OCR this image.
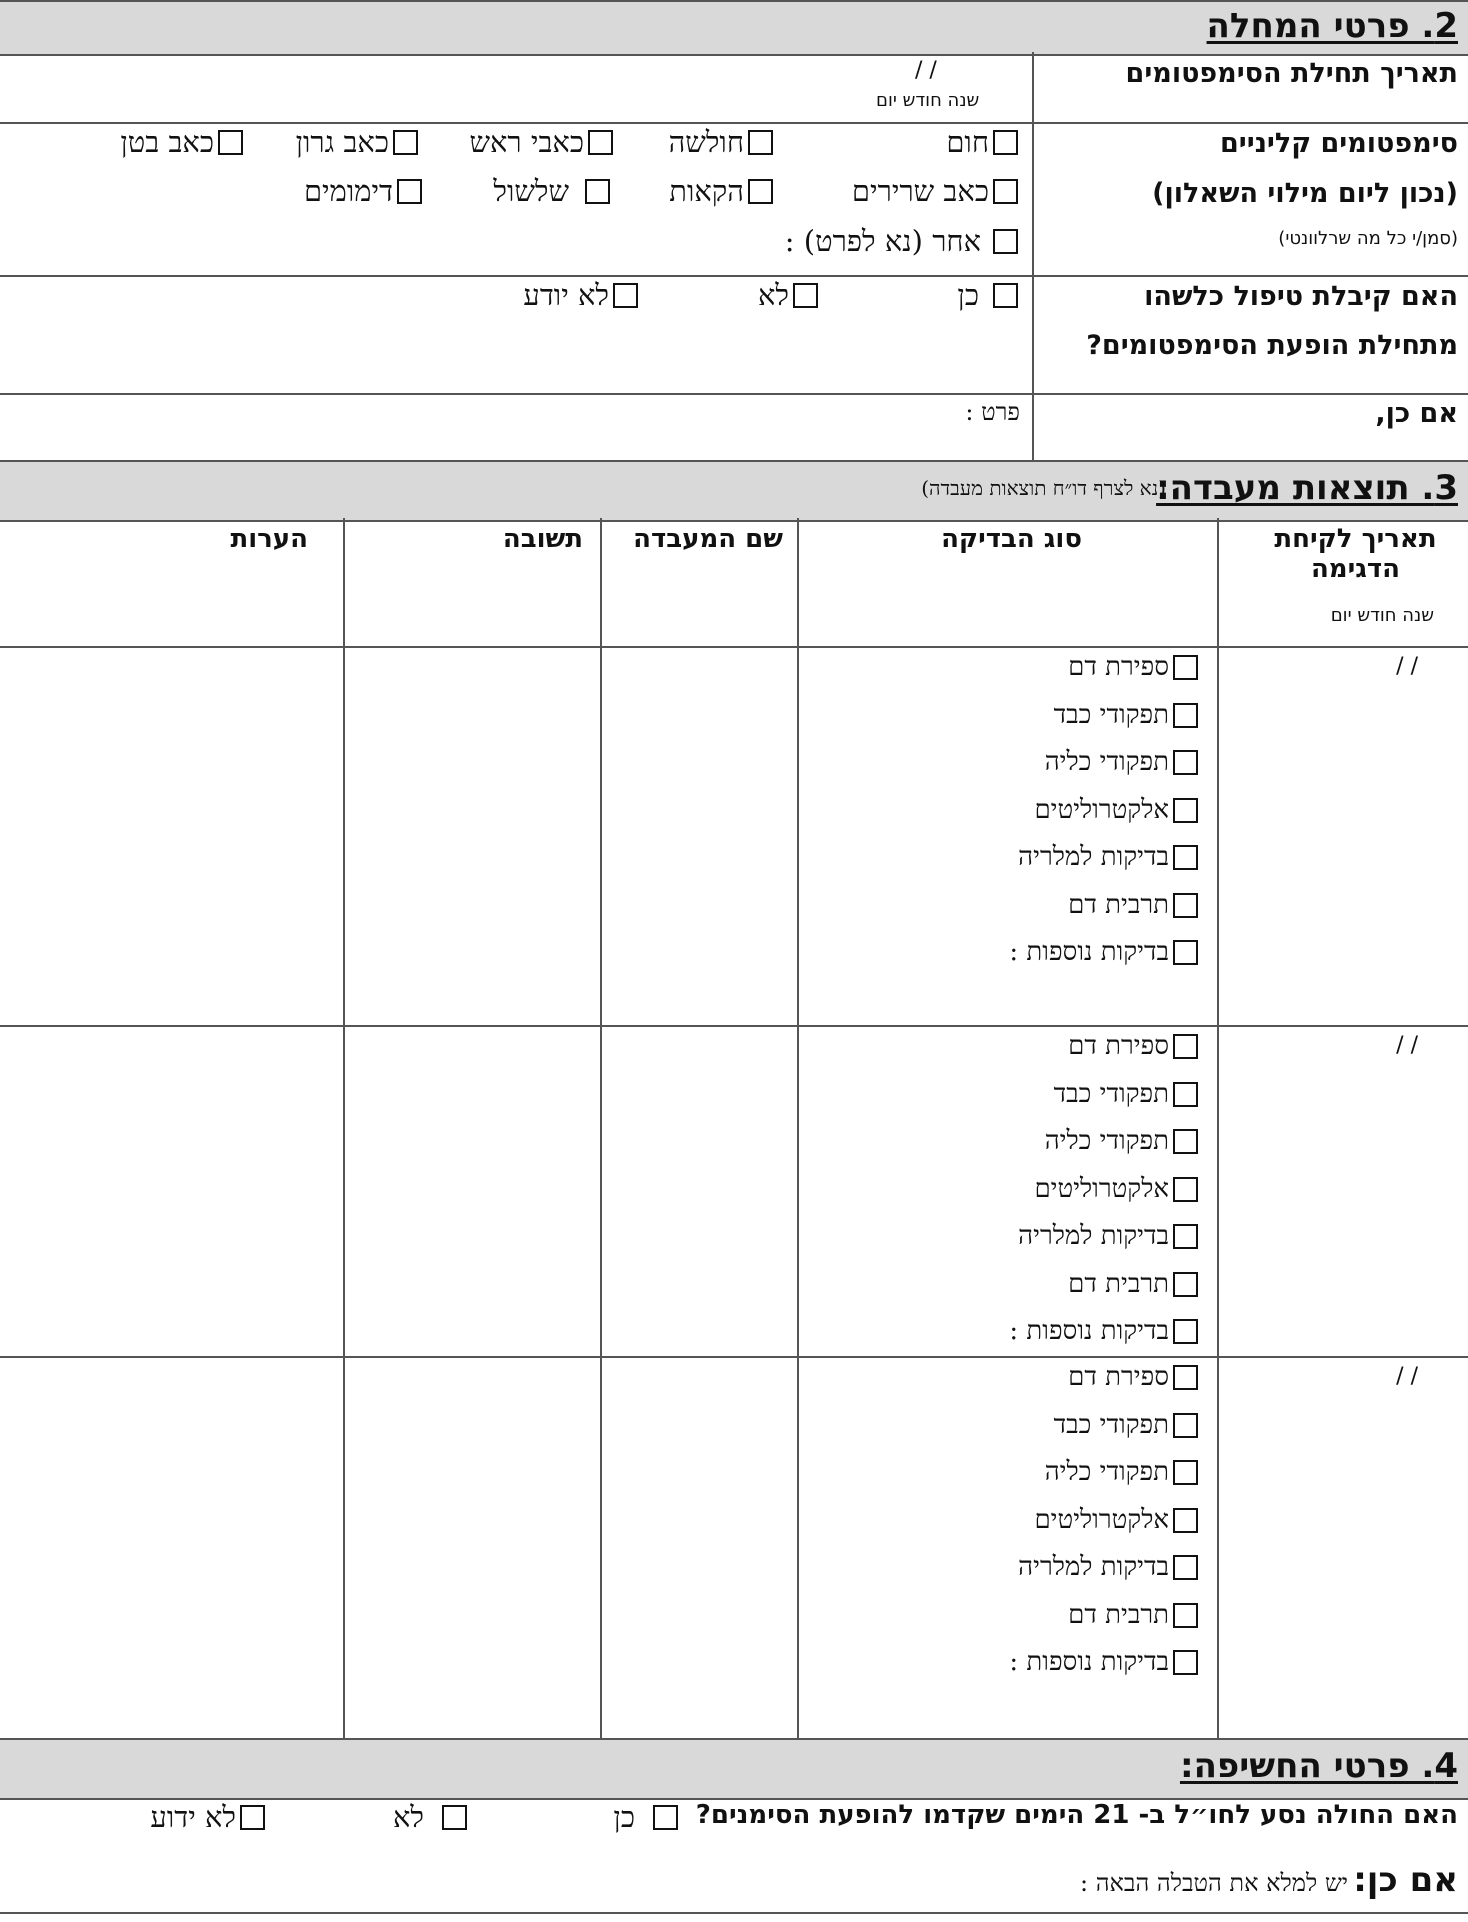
2. פרטי המחלה
תאריך תחילת הסימפטומים
/ /
שנה חודש יום
סימפטומים קליניים
(נכון ליום מילוי השאלון)
(סמן/י כל מה שרלוונטי)
חום
חולשה
כאבי ראש
כאב גרון
כאב בטן
כאב שרירים
הקאות
שלשול
דימומים
אחר (נא לפרט) :
האם קיבלת טיפול כלשהו
מתחילת הופעת הסימפטומים?
כן
לא
לא יודע
אם כן,
פרט :
3. תוצאות מעבדה:
(נא לצרף דו״ח תוצאות מעבדה)
תאריך לקיחת
הדגימה
שנה חודש יום
סוג הבדיקה
שם המעבדה
תשובה
הערות
/ /
ספירת דם
תפקודי כבד
תפקודי כליה
אלקטרוליטים
בדיקות למלריה
תרבית דם
בדיקות נוספות :
/ /
ספירת דם
תפקודי כבד
תפקודי כליה
אלקטרוליטים
בדיקות למלריה
תרבית דם
בדיקות נוספות :
/ /
ספירת דם
תפקודי כבד
תפקודי כליה
אלקטרוליטים
בדיקות למלריה
תרבית דם
בדיקות נוספות :
4. פרטי החשיפה:
האם החולה נסע לחו״ל ב- 21 הימים שקדמו להופעת הסימנים?
כן
לא
לא ידוע
אם כן: יש למלא את הטבלה הבאה :
